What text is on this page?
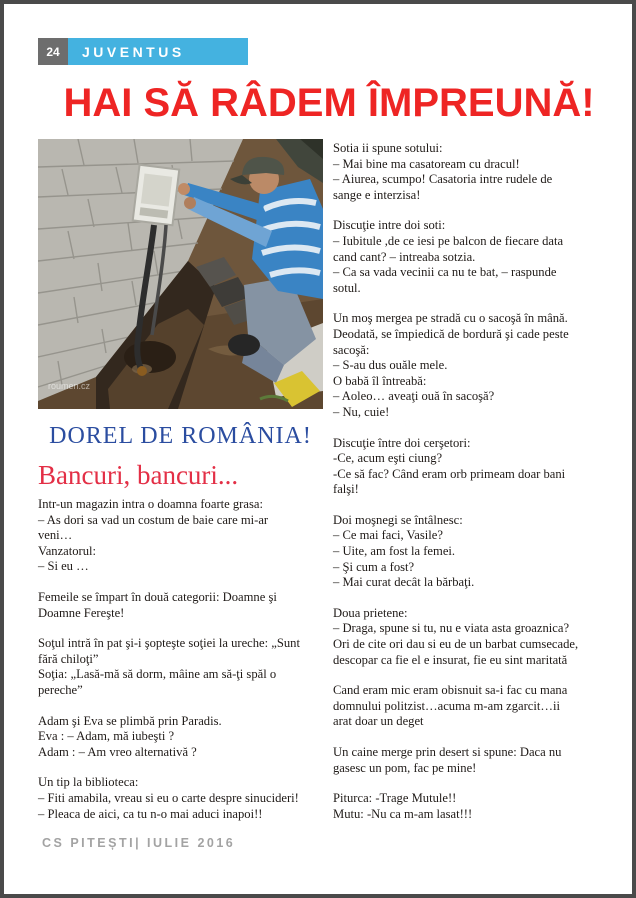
24	JUVENTUS
HAI SĂ RÂDEM ÎMPREUNĂ!
roumen.cz
DOREL DE ROMÂNIA!
Bancuri, bancuri...

Intr-un magazin intra o doamna foarte grasa:
– As dori sa vad un costum de baie care mi-ar
veni…
Vanzatorul:
– Si eu …

Femeile se împart în două categorii: Doamne şi
Doamne Fereşte!

Soţul intră în pat şi-i şopteşte soţiei la ureche: „Sunt
fără chiloţi”
Soţia: „Lasă-mă să dorm, mâine am să-ţi spăl o
pereche”

Adam şi Eva se plimbă prin Paradis.
Eva : – Adam, mă iubeşti ?
Adam : – Am vreo alternativă ?

Un tip la biblioteca:
– Fiti amabila, vreau si eu o carte despre sinucideri!
– Pleaca de aici, ca tu n-o mai aduci inapoi!!

Sotia ii spune sotului:
– Mai bine ma casatoream cu dracul!
– Aiurea, scumpo! Casatoria intre rudele de
sange e interzisa!

Discuţie intre doi soti:
– Iubitule ,de ce iesi pe balcon de fiecare data
cand cant? – intreaba sotzia.
– Ca sa vada vecinii ca nu te bat, – raspunde
sotul.

Un moş mergea pe stradă cu o sacoşă în mână.
Deodată, se împiedică de bordură şi cade peste
sacoşă:
– S-au dus ouăle mele.
O babă îl întreabă:
– Aoleo… aveaţi ouă în sacoşă?
– Nu, cuie!

Discuţie între doi cerşetori:
-Ce, acum eşti ciung?
-Ce să fac? Când eram orb primeam doar bani
falşi!

Doi moşnegi se întâlnesc:
– Ce mai faci, Vasile?
– Uite, am fost la femei.
– Şi cum a fost?
– Mai curat decât la bărbaţi.

Doua prietene:
– Draga, spune si tu, nu e viata asta groaznica?
Ori de cite ori dau si eu de un barbat cumsecade,
descopar ca fie el e insurat, fie eu sint maritată

Cand eram mic eram obisnuit sa-i fac cu mana
domnului politzist…acuma m-am zgarcit…ii
arat doar un deget

Un caine merge prin desert si spune: Daca nu
gasesc un pom, fac pe mine!

Piturca: -Trage Mutule!!
Mutu: -Nu ca m-am lasat!!!

CS PITEȘTI| IULIE 2016
